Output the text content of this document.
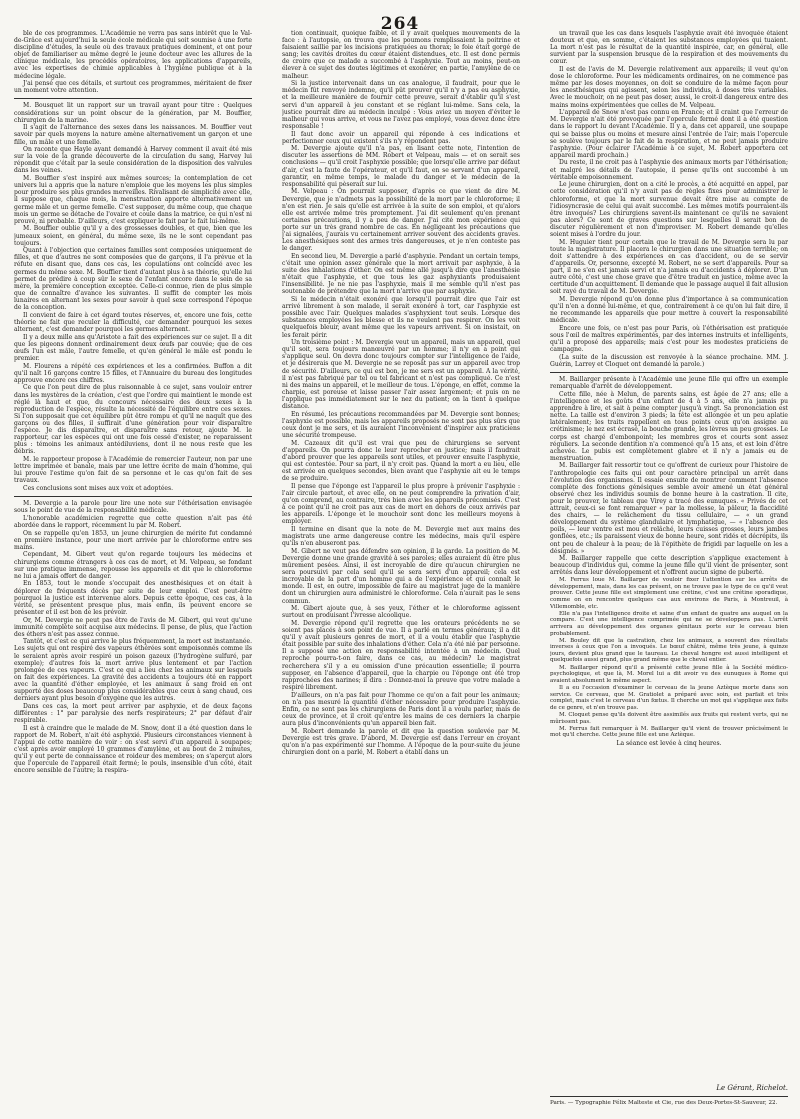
264

ble de ces programmes. L'Académie ne verra pas sans intérêt que le Val-de-Grâce est aujourd'hui la seule école médicale qui soit soumise à une forte discipline d'études, la seule où des travaux pratiques dominent, et ont pour objet de familiariser au même degré le jeune docteur avec les allures de la clinique médicale, les procédés opératoires, les applications d'appareils, avec les expertises de chimie applicables à l'hygiène publique et à la médecine légale.

J'ai pensé que ces détails, et surtout ces programmes, méritaient de fixer un moment votre attention.

M. Bousquet lit un rapport sur un travail ayant pour titre : Quelques considérations sur un point obscur de la génération, par M. Bouffier, chirurgien de la marine.

Il s'agit de l'alternance des sexes dans les naissances. M. Bouffier veut savoir par quels moyens la nature amène alternativement un garçon et une fille, un mâle et une femelle.

On raconte que Hayle ayant demandé à Harvey comment il avait été mis sur la voie de la grande découverte de la circulation du sang, Harvey lui répondit que c'était par la seule considération de la disposition des valvules dans les veines.

M. Bouffier s'est inspiré aux mêmes sources; la contemplation de cet univers lui a appris que la nature n'emploie que les moyens les plus simples pour produire ses plus grandes merveilles. Rivalisant de simplicité avec elle, il suppose que, chaque mois, la menstruation apporte alternativement un germe mâle et un germe femelle. C'est supposer, du même coup, que chaque mois un germe se détache de l'ovaire et coule dans la matrice, ce qui n'est ni prouvé, ni probable. D'ailleurs, c'est expliquer le fait par le fait lui-même.

M. Bouffier oublie qu'il y a des grossesses doubles, et que, bien que les jumeaux soient, en général, du même sexe, ils ne le sont cependant pas toujours.

Quant à l'objection que certaines familles sont composées uniquement de filles, et que d'autres ne sont composées que de garçons, il l'a prévue et la réfute en disant que, dans ces cas, les copulations ont coïncidé avec les germes du même sexe. M. Bouffier tient d'autant plus à sa théorie, qu'elle lui permet de prédire à coup sûr le sexe de l'enfant encore dans le sein de sa mère, la première conception exceptée. Celle-ci connue, rien de plus simple que de connaître d'avance les suivantes. Il suffit de compter les mois lunaires en alternant les sexes pour savoir à quel sexe correspond l'époque de la conception.

Il convient de faire à cet égard toutes réserves, et, encore une fois, cette théorie ne fait que reculer la difficulté, car demander pourquoi les sexes alternent, c'est demander pourquoi les germes alternent.

Il y a deux mille ans qu'Aristote a fait des expériences sur ce sujet. Il a dit que les pigeons donnent ordinairement deux œufs par couvée; que de ces œufs l'un est mâle, l'autre femelle, et qu'en général le mâle est pondu le premier.

M. Flourens a répété ces expériences et les a confirmées. Buffon a dit qu'il naît 16 garçons contre 15 filles, et l'Annuaire du bureau des longitudes approuve encore ces chiffres.

Ce que l'on peut dire de plus raisonnable à ce sujet, sans vouloir entrer dans les mystères de la création, c'est que l'ordre qui maintient le monde est réglé là haut et que, du concours nécessaire des deux sexes à la reproduction de l'espèce, résulte la nécessité de l'équilibre entre ces sexes. Si l'on supposait que cet équilibre pût être rompu et qu'il ne naquît que des garçons ou des filles, il suffirait d'une génération pour voir disparaître l'espèce. Je dis disparaître, et disparaître sans retour, ajoute M. le rapporteur, car les espèces qui ont une fois cessé d'exister, ne reparaissent plus : témoins les animaux antédiluviens, dont il ne nous reste que les débris.

M. le rapporteur propose à l'Académie de remercier l'auteur, non par une lettre imprimée et banale, mais par une lettre écrite de main d'homme, qui lui prouve l'estime qu'on fait de sa personne et le cas qu'on fait de ses travaux.

Ces conclusions sont mises aux voix et adoptées.

M. Devergie a la parole pour lire une note sur l'éthérisation envisagée sous le point de vue de la responsabilité médicale.

L'honorable académicien regrette que cette question n'ait pas été abordée dans le rapport, récemment lu par M. Robert.

On se rappelle qu'en 1853, un jeune chirurgien de mérite fut condamné en première instance, pour une mort arrivée par le chloroforme entre ses mains.

Cependant, M. Gibert veut qu'on regarde toujours les médecins et chirurgiens comme étrangers à ces cas de mort, et M. Velpeau, se fondant sur une pratique immense, repousse les appareils et dit que le chloroforme ne lui a jamais offert de danger.

En 1853, tout le monde s'occupait des anesthésiques et on était à déplorer de fréquents décès par suite de leur emploi. C'est peut-être pourquoi la justice est intervenue alors. Depuis cette époque, ces cas, à la vérité, se présentent presque plus, mais enfin, ils peuvent encore se présenter et il est bon de les prévoir.

Or, M. Devergie ne peut pas être de l'avis de M. Gibert, qui veut qu'une immunité complète soit acquise aux médecins. Il pense, de plus, que l'action des éthers n'est pas assez connue.

Tantôt, et c'est ce qui arrive le plus fréquemment, la mort est instantanée. Les sujets qui ont respiré des vapeurs éthérées sont empoisonnés comme ils le seraient après avoir respiré un poison gazeux (l'hydrogène sulfuré, par exemple); d'autres fois la mort arrive plus lentement et par l'action prolongée de ces vapeurs. C'est ce qui a lieu chez les animaux sur lesquels on fait des expériences. La gravité des accidents a toujours été en rapport avec la quantité d'éther employée, et les animaux à sang froid en ont supporté des doses beaucoup plus considérables que ceux à sang chaud, ces derniers ayant plus besoin d'oxygène que les autres.

Dans ces cas, la mort peut arriver par asphyxie, et de deux façons différentes : 1° par paralysie des nerfs respirateurs; 2° par défaut d'air respirable.

Il est à craindre que le malade de M. Snow, dont il a été question dans le rapport de M. Robert, n'ait été asphyxié. Plusieurs circonstances viennent à l'appui de cette manière de voir : on s'est servi d'un appareil à soupapes; c'est après avoir employé 10 grammes d'amylène, et au bout de 2 minutes, qu'il y eut perte de connaissance et roideur des membres; on s'aperçut alors que l'opercule de l'appareil était fermé; le pouls, insensible d'un côté, était encore sensible de l'autre; la respira-

tion continuait, quoique faible, et il y avait quelques mouvements de la face : à l'autopsie, on trouva que les poumons remplissaient la poitrine et faisaient saillie par les incisions pratiquées au thorax; le foie était gorgé de sang; les cavités droites du cœur étaient distendues, etc. Il est donc permis de croire que ce malade a succombé à l'asphyxie. Tout au moins, peut-on élever à ce sujet des doutes légitimes et exonérer, en partie, l'amylène de ce malheur.

Si la justice intervenait dans un cas analogue, il faudrait, pour que le médecin fût renvoyé indemne, qu'il pût prouver qu'il n'y a pas eu asphyxie, et la meilleure manière de fournir cette preuve, serait d'établir qu'il s'est servi d'un appareil à jeu constant et se réglant lui-même. Sans cela, la justice pourrait dire au médecin inculpé : Vous aviez un moyen d'éviter le malheur qui vous arrive, et vous ne l'avez pas employé, vous devez donc être responsable !

Il faut donc avoir un appareil qui réponde à ces indications et perfectionner ceux qui existent s'ils n'y répondent pas.

M. Devergie ajoute qu'il n'a pas, en lisant cette note, l'intention de discuter les assertions de MM. Robert et Velpeau, mais — et on serait ses conclusions — qu'il croit l'asphyxie possible; que lorsqu'elle arrive par défaut d'air, c'est la faute de l'opérateur, et qu'il faut, en se servant d'un appareil, garantir, en même temps, le malade du danger et le médecin de la responsabilité qui pèserait sur lui.

M. Velpeau : On pourrait supposer, d'après ce que vient de dire M. Devergie, que je n'admets pas la possibilité de la mort par le chloroforme; il n'en est rien. Je sais qu'elle est arrivée à la suite de son emploi, et qu'alors elle est arrivée même très promptement. J'ai dit seulement qu'en prenant certaines précautions, il y a peu de danger. J'ai cité mon expérience qui porte sur un très grand nombre de cas. En négligeant les précautions que j'ai signalées, j'aurais vu certainement arriver souvent des accidents graves. Les anesthésiques sont des armes très dangereuses, et je n'en conteste pas le danger.

En second lieu, M. Devergie a parlé d'asphyxie. Pendant un certain temps, c'était une opinion assez générale que la mort arrivait par asphyxie, à la suite des inhalations d'éther. On est même allé jusqu'à dire que l'anesthésie n'était que l'asphyxie, et que tous les gaz asphyxiants produisaient l'insensibilité. Je ne nie pas l'asphyxie, mais il me semble qu'il n'est pas soutenable de prétendre que la mort n'arrive que par asphyxie.

Si le médecin n'était exonéré que lorsqu'il pourrait dire que l'air est arrivé librement à son malade, il serait exonéré à tort, car l'asphyxie est possible avec l'air. Quelques malades s'asphyxient tout seuls. Lorsque des substances employées les blesse et ils ne veulent pas respirer. On les voit quelquefois bleuir, avant même que les vapeurs arrivent. Si on insistait, on les ferait périr.

Un troisième point : M. Devergie veut un appareil, mais un appareil, quel qu'il soit, sera toujours manœuvré par un homme; il n'y en a point qui s'applique seul. On devra donc toujours compter sur l'intelligence de l'aide, et je désirerais que M. Devergie ne se reposât pas sur un appareil avec trop de sécurité. D'ailleurs, ce qui est bon, je me sers est un appareil. A la vérité, il n'est pas fabriqué par tel ou tel fabricant et n'est pas compliqué. Ce n'est ni des mains un appareil, et le meilleur de tous. L'éponge, en effet, comme la charpie, est poreuse et laisse passer l'air assez largement; et puis on ne l'applique pas immédiatement sur le nez du patient; on la tient à quelque distance.

En résumé, les précautions recommandées par M. Devergie sont bonnes; l'asphyxie est possible, mais les appareils proposés ne sont pas plus sûrs que ceux dont je me sers, et ils auraient l'inconvénient d'inspirer aux praticiens une sécurité trompeuse.

M. Cazeaux dit qu'il est vrai que peu de chirurgiens se servent d'appareils. On pourra donc le leur reprocher en justice; mais il faudrait d'abord prouver que les appareils sont utiles, et prouver ensuite l'asphyxie, qui est contestée. Pour sa part, il n'y croit pas. Quand la mort a eu lieu, elle est arrivée en quelques secondes, bien avant que l'asphyxie ait eu le temps de se produire.

Il pense que l'éponge est l'appareil le plus propre à prévenir l'asphyxie : l'air circule partout, et avec elle, on ne peut comprendre la privation d'air, qu'on comprend, au contraire, très bien avec les appareils précomisés. C'est à ce point qu'il ne croit pas aux cas de mort en dehors de ceux arrivés par les appareils. L'éponge et le mouchoir sont donc les meilleurs moyens à employer.

Il termine en disant que la note de M. Devergie met aux mains des magistrats une arme dangereuse contre les médecins, mais qu'il espère qu'ils n'en abuseront pas.

M. Gibert ne veut pas défendre son opinion, il la garde. La position de M. Devergie donne une grande gravité à ses paroles; elles auraient dû être plus mûrement pesées. Ainsi, il est incroyable de dire qu'aucun chirurgien ne sera poursuivi par cela seul qu'il se sera servi d'un appareil; cela est incroyable de la part d'un homme qui a de l'expérience et qui connaît le monde. Il est, en outre, impossible de faire au magistrat juge de la manière dont un chirurgien aura administré le chloroforme. Cela n'aurait pas le sens commun.

M. Gibert ajoute que, à ses yeux, l'éther et le chloroforme agissent surtout en produisant l'ivresse alcoolique.

M. Devergie répond qu'il regrette que les orateurs précédents ne se soient pas placés à son point de vue. Il a parlé en termes généraux; il a dit qu'il y avait plusieurs genres de mort, et il a voulu établir que l'asphyxie était possible par suite des inhalations d'éther. Cela n'a été nié par personne. Il a supposé une action en responsabilité intentée à un médecin. Quel reproche pourra-t-on faire, dans ce cas, au médecin? Le magistrat recherchera s'il y a eu omission d'une précaution essentielle; il pourra supposer, en l'absence d'appareil, que la charpie ou l'éponge ont été trop rapprochées des narines; il dira : Donnez-moi la preuve que votre malade a respiré librement.

D'ailleurs, on n'a pas fait pour l'homme ce qu'on a fait pour les animaux; on n'a pas mesuré la quantité d'éther nécessaire pour produire l'asphyxie. Enfin, ce ne sont pas les chirurgiens de Paris dont il a voulu parler, mais de ceux de province, et il croit qu'entre les mains de ces derniers la charpie aura plus d'inconvénients qu'un appareil bien fait.

M. Robert demande la parole et dit que la question soulevée par M. Devergie est très grave. D'abord, M. Devergie est dans l'erreur en croyant qu'on n'a pas expérimenté sur l'homme. A l'époque de la pour-suite du jeune chirurgien dont on a parlé, M. Robert a établi dans un

un travail que les cas dans lesquels l'asphyxie avait été invoquée étaient douteux et que, en somme, c'étaient les substances employées qui tuaient. La mort n'est pas le résultat de la quantité inspirée, car, en général, elle survient par la suspension brusque de la respiration et des mouvements du cœur.

Il est de l'avis de M. Devergie relativement aux appareils; il veut qu'on dose le chloroforme. Pour les médicaments ordinaires, on ne commence pas même par les doses moyennes, on doit se conduire de la même façon pour les anesthésiques qui agissent, selon les individus, à doses très variables. Avec le mouchoir, on ne peut pas doser, aussi, le croit-il dangereux entre des mains moins expérimentées que celles de M. Velpeau.

L'appareil de Snow n'est pas connu en France; et il craint que l'erreur de M. Devergie n'ait été provoquée par l'opercule fermé dont il a été question dans le rapport lu devant l'Académie. Il y a, dans cet appareil, une soupape qui se baisse plus ou moins et mesure ainsi l'entrée de l'air; mais l'opercule se soulève toujours par le fait de la respiration, et ne peut jamais produire l'asphyxie. (Pour éclairer l'Académie à ce sujet, M. Robert apportera cet appareil mardi prochain.)

Du reste, il ne croit pas à l'asphyxie des animaux morts par l'éthérisation; et malgré les détails de l'autopsie, il pense qu'ils ont succombé à un véritable empoisonnement.

Le jeune chirurgien, dont on a cité le procès, a été acquitté en appel, par cette considération qu'il n'y avait pas de règles fixes pour administrer le chloroforme, et que la mort survenue devait être mise au compte de l'idiosyncrasie de celui qui avait succombé. Les mêmes motifs pourraient-ils être invoqués? Les chirurgiens savent-ils maintenant ce qu'ils ne savaient pas alors? Ce sont de graves questions sur lesquelles il serait bon de discuter régulièrement et non d'improviser. M. Robert demande qu'elles soient mises à l'ordre du jour.

M. Huguier tient pour certain que le travail de M. Devergie sera lu par toute la magistrature. Il placera le chirurgien dans une situation terrible; on doit s'attendre à des expériences en cas d'accident, ou de se servir d'appareils. Or, personne, excepté M. Robert, ne se sert d'appareils. Pour sa part, il ne s'en est jamais servi et n'a jamais eu d'accidents à déplorer. D'un autre côté, c'est une chose grave que d'être traduit en justice, même avec la certitude d'un acquittement. Il demande que le passage auquel il fait allusion soit rayé du travail de M. Devergie.

M. Devergie répond qu'on donne plus d'importance à sa communication qu'il n'en a donné lui-même, et que, contrairement à ce qu'on lui fait dire, il ne recommande les appareils que pour mettre à couvert la responsabilité médicale.

Encore une fois, ce n'est pas pour Paris, où l'éthérisation est pratiquée sous l'œil de maîtres expérimentés, par des internes instruits et intelligents, qu'il a proposé des appareils; mais c'est pour les modestes praticiens de campagne.

(La suite de la discussion est renvoyée à la séance prochaine. MM. J. Guérin, Larrey et Cloquet ont demandé la parole.)

M. Baillarger présente à l'Académie une jeune fille qui offre un exemple remarquable d'arrêt de développement.

Cette fille, née à Melun, de parents sains, est âgée de 27 ans; elle a l'intelligence et les goûts d'un enfant de 4 à 5 ans, elle n'a jamais pu apprendre à lire, et sait à peine compter jusqu'à vingt. Sa prononciation est nette. La taille est d'environ 3 pieds; la tête est allongée et un peu aplatie latéralement; les traits rappellent en tous points ceux qu'on assigne au crétinisme; le nez est écrasé, la bouche grande, les lèvres un peu grosses. Le corps est chargé d'embonpoint; les membres gros et courts sont assez réguliers. La seconde dentition n'a commencé qu'à 15 ans, et est loin d'être achevée. Le pubis est complètement glabre et il n'y a jamais eu de menstruation.

M. Baillarger fait ressortir tout ce qu'offrent de curieux pour l'histoire de l'anthropologie ces faits qui ont pour caractère principal un arrêt dans l'évolution des organismes. Il essaie ensuite de montrer comment l'absence complète des fonctions génésiques semble avoir amené un état général observé chez les individus soumis de bonne heure à la castration. Il cite, pour le prouver, le tableau que Virey a tracé des eunuques. « Privés de cet attrait, ceux-ci se font remarquer « par la mollesse, la pâleur, la flaccidité des chairs, — le relâchement du tissu cellulaire, — « un grand développement du système glandulaire et lymphatique, — « l'absence des poils, — leur ventre est mou et relâché, leurs cuisses grosses, leurs jambes gonflées, etc.; ils paraissent vieux de bonne heure, sont ridés et décrépits, ils ont peu de chaleur à la peau; de là l'épithète de frigidi par laquelle on les a désignés. »

M. Baillarger rappelle que cette description s'applique exactement à beaucoup d'individus qui, comme la jeune fille qu'il vient de présenter, sont arrêtés dans leur développement et n'offrent aucun signe de puberté.

M. Ferrus loue M. Baillarger de vouloir fixer l'attention sur les arrêts de développement, mais, dans les cas présent, on ne trouve pas le type de ce qu'il veut prouver. Cette jeune fille est simplement une crétine, c'est une crétine sporadique, comme on en rencontre quelques cas aux environs de Paris, à Montreuil, à Villemomble, etc.

Elle n'a pas l'intelligence droite et saine d'un enfant de quatre ans auquel on la compare. C'est une intelligence comprimée qui ne se développera pas. L'arrêt arrivera au développement des organes génitaux porte sur le cerveau bien probablement.

M. Bouley dit que la castration, chez les animaux, a souvent des résultats inverses à ceux que l'on a invoqués. Le bœuf châtré, même très jeune, à quinze jours, devient plus grand que le taureau. Le cheval hongre est aussi intelligent et quelquefois aussi grand, plus grand même que le cheval entier.

M. Baillarger répond qu'il a présenté cette jeune fille à la Société médico-psychologique, et que là, M. Morel lui a dit avoir vu des eunuques à Rome qui avaient absolument le même aspect.

Il a eu l'occasion d'examiner le cerveau de la jeune Aztèque morte dans son service. Ce cerveau, que M. Gratiolet a préparé avec soin, est parfait et très complet, mais c'est le cerveau d'un fœtus. Il cherche un mot qui s'applique aux faits de ce genre, et n'en trouve pas.

M. Cloquet pense qu'ils doivent être assimilés aux fruits qui restent verts, qui ne mûrissent pas.

M. Ferrus fait remarquer à M. Baillarger qu'il vient de trouver précisément le mot qu'il cherche. Cette jeune fille est une Aztèque.

La séance est levée à cinq heures.

Le Gérant, Richelot.
Paris. — Typographie Félix Malteste et Cie, rue des Deux-Portes-St-Sauveur, 22.
